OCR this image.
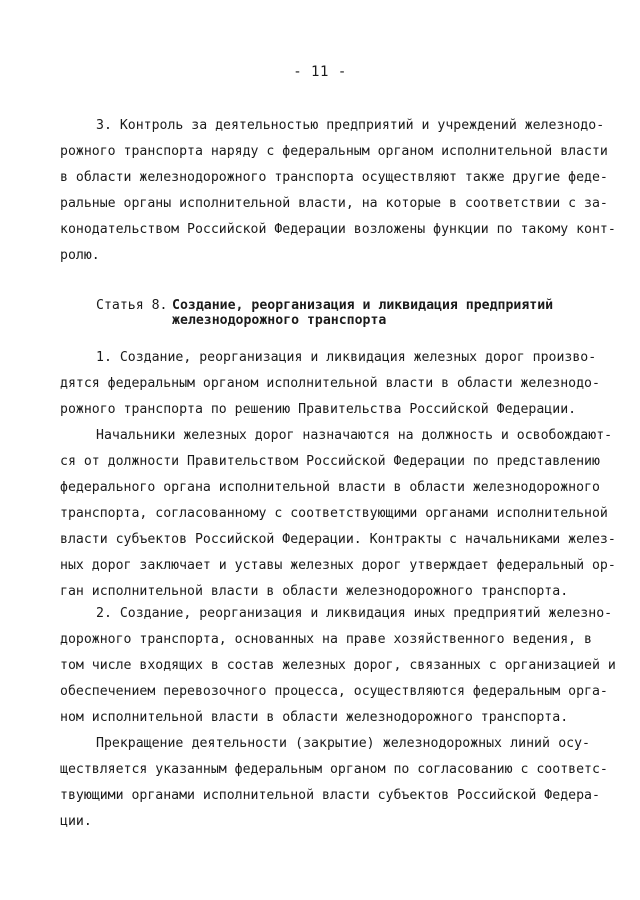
- 11 -
3. Контроль за деятельностью предприятий и учреждений железнодо-
рожного транспорта наряду с федеральным органом исполнительной власти
в области железнодорожного транспорта осуществляют также другие феде-
ральные органы исполнительной власти, на которые в соответствии с за-
конодательством Российской Федерации возложены функции по такому конт-
ролю.
Статья 8. Создание, реорганизация и ликвидация предприятий
железнодорожного транспорта
1. Создание, реорганизация и ликвидация железных дорог произво-
дятся федеральным органом исполнительной власти в области железнодо-
рожного транспорта по решению Правительства Российской Федерации.
Начальники железных дорог назначаются на должность и освобождают-
ся от должности Правительством Российской Федерации по представлению
федерального органа исполнительной власти в области железнодорожного
транспорта, согласованному с соответствующими органами исполнительной
власти субъектов Российской Федерации. Контракты с начальниками желез-
ных дорог заключает и уставы железных дорог утверждает федеральный ор-
ган исполнительной власти в области железнодорожного транспорта.
2. Создание, реорганизация и ликвидация иных предприятий железно-
дорожного транспорта, основанных на праве хозяйственного ведения, в
том числе входящих в состав железных дорог, связанных с организацией и
обеспечением перевозочного процесса, осуществляются федеральным орга-
ном исполнительной власти в области железнодорожного транспорта.
Прекращение деятельности (закрытие) железнодорожных линий осу-
ществляется указанным федеральным органом по согласованию с соответс-
твующими органами исполнительной власти субъектов Российской Федера-
ции.
